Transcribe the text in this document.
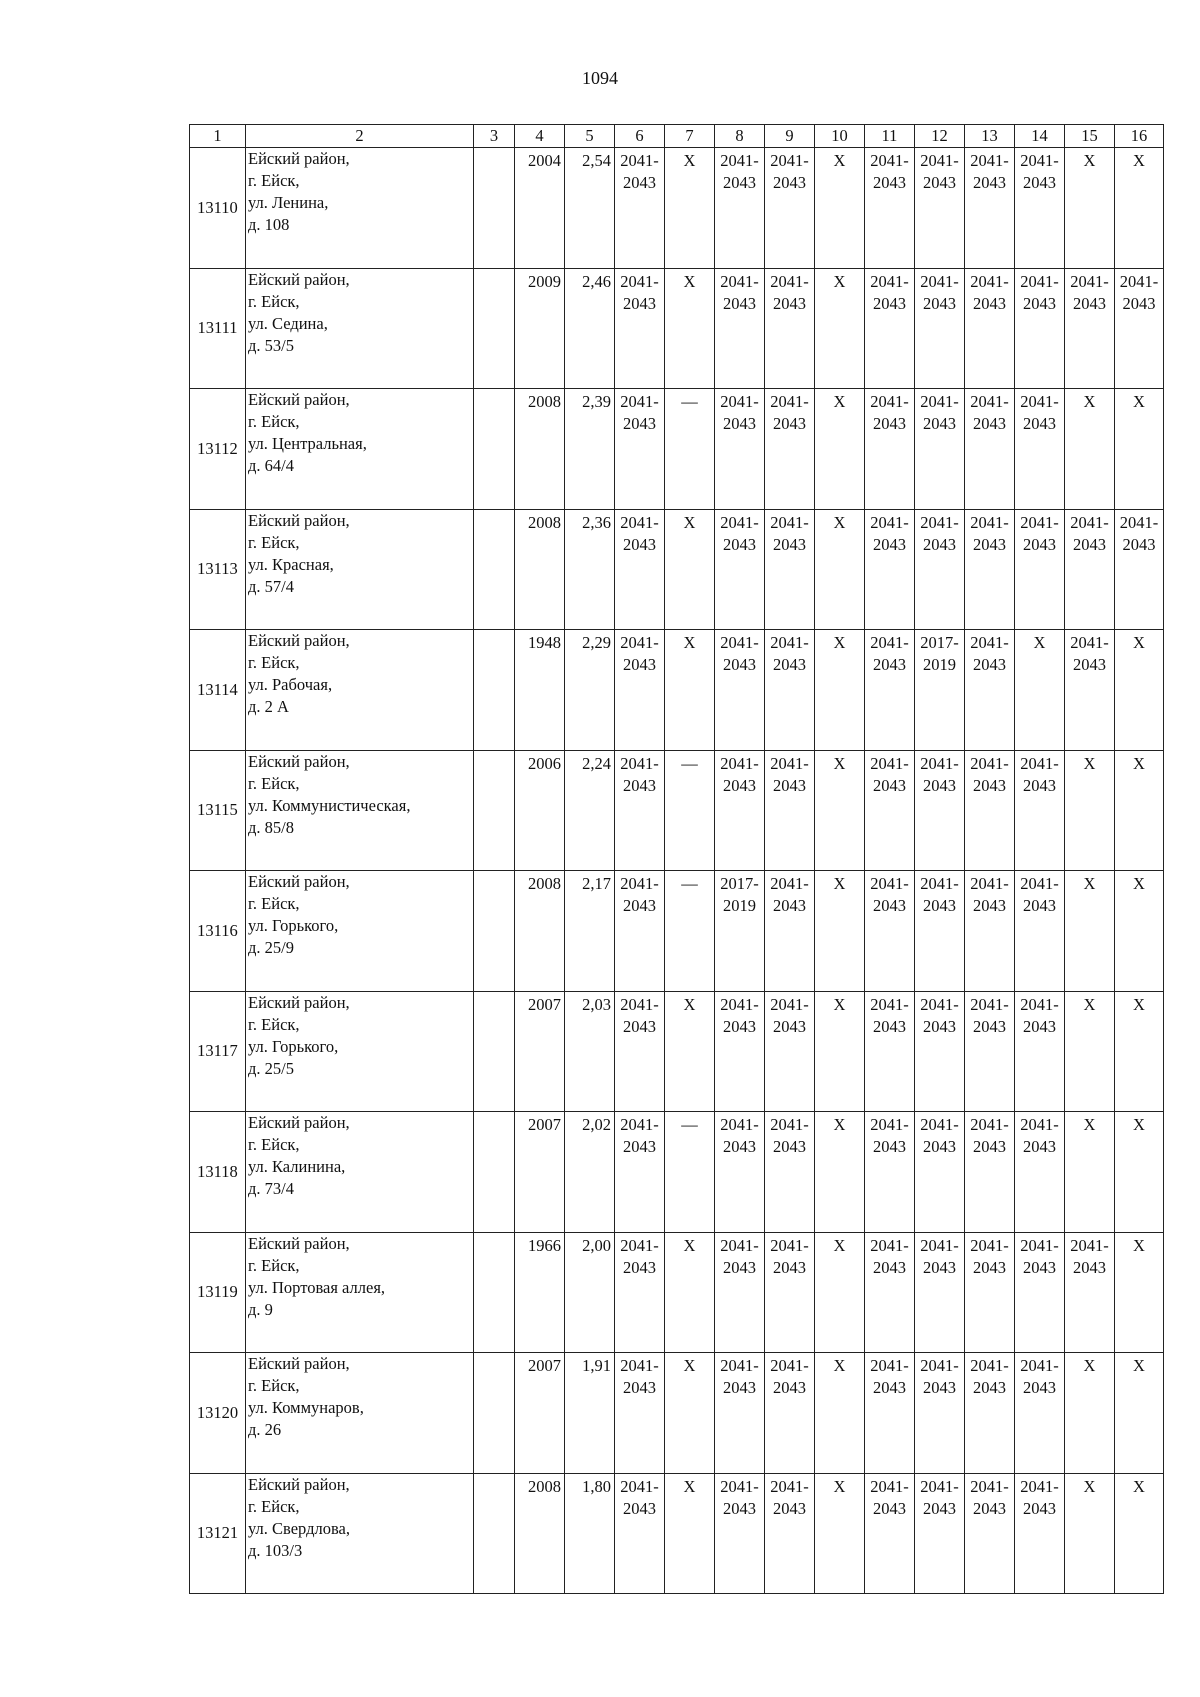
1094
1	2	3	4	5	6	7	8	9	10	11	12	13	14	15	16
13110	Ейский район,
г. Ейск,
ул. Ленина,
д. 108		2004	2,54	2041-
2043	X	2041-
2043	2041-
2043	X	2041-
2043	2041-
2043	2041-
2043	2041-
2043	X	X
13111	Ейский район,
г. Ейск,
ул. Седина,
д. 53/5		2009	2,46	2041-
2043	X	2041-
2043	2041-
2043	X	2041-
2043	2041-
2043	2041-
2043	2041-
2043	2041-
2043	2041-
2043
13112	Ейский район,
г. Ейск,
ул. Центральная,
д. 64/4		2008	2,39	2041-
2043	—	2041-
2043	2041-
2043	X	2041-
2043	2041-
2043	2041-
2043	2041-
2043	X	X
13113	Ейский район,
г. Ейск,
ул. Красная,
д. 57/4		2008	2,36	2041-
2043	X	2041-
2043	2041-
2043	X	2041-
2043	2041-
2043	2041-
2043	2041-
2043	2041-
2043	2041-
2043
13114	Ейский район,
г. Ейск,
ул. Рабочая,
д. 2 А		1948	2,29	2041-
2043	X	2041-
2043	2041-
2043	X	2041-
2043	2017-
2019	2041-
2043	X	2041-
2043	X
13115	Ейский район,
г. Ейск,
ул. Коммунистическая,
д. 85/8		2006	2,24	2041-
2043	—	2041-
2043	2041-
2043	X	2041-
2043	2041-
2043	2041-
2043	2041-
2043	X	X
13116	Ейский район,
г. Ейск,
ул. Горького,
д. 25/9		2008	2,17	2041-
2043	—	2017-
2019	2041-
2043	X	2041-
2043	2041-
2043	2041-
2043	2041-
2043	X	X
13117	Ейский район,
г. Ейск,
ул. Горького,
д. 25/5		2007	2,03	2041-
2043	X	2041-
2043	2041-
2043	X	2041-
2043	2041-
2043	2041-
2043	2041-
2043	X	X
13118	Ейский район,
г. Ейск,
ул. Калинина,
д. 73/4		2007	2,02	2041-
2043	—	2041-
2043	2041-
2043	X	2041-
2043	2041-
2043	2041-
2043	2041-
2043	X	X
13119	Ейский район,
г. Ейск,
ул. Портовая аллея,
д. 9		1966	2,00	2041-
2043	X	2041-
2043	2041-
2043	X	2041-
2043	2041-
2043	2041-
2043	2041-
2043	2041-
2043	X
13120	Ейский район,
г. Ейск,
ул. Коммунаров,
д. 26		2007	1,91	2041-
2043	X	2041-
2043	2041-
2043	X	2041-
2043	2041-
2043	2041-
2043	2041-
2043	X	X
13121	Ейский район,
г. Ейск,
ул. Свердлова,
д. 103/3		2008	1,80	2041-
2043	X	2041-
2043	2041-
2043	X	2041-
2043	2041-
2043	2041-
2043	2041-
2043	X	X
